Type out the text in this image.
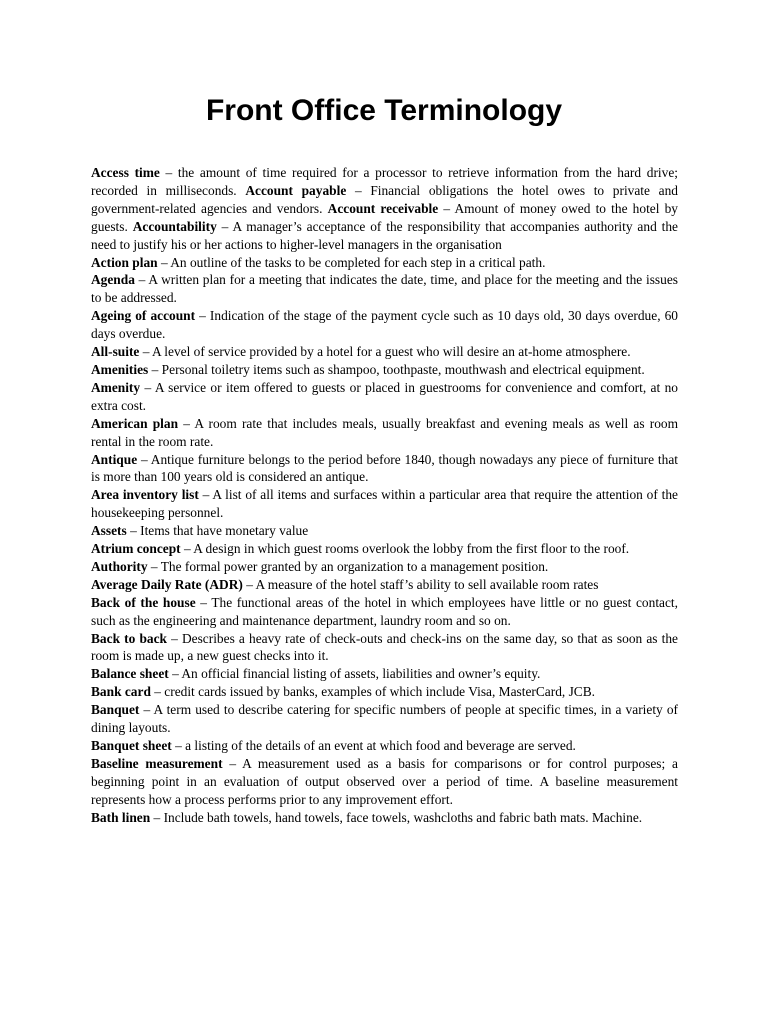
Front Office Terminology

Access time – the amount of time required for a processor to retrieve information from the hard drive; recorded in milliseconds. Account payable – Financial obligations the hotel owes to private and government-related agencies and vendors. Account receivable – Amount of money owed to the hotel by guests. Accountability – A manager’s acceptance of the responsibility that accompanies authority and the need to justify his or her actions to higher-level managers in the organisation

Action plan – An outline of the tasks to be completed for each step in a critical path.

Agenda – A written plan for a meeting that indicates the date, time, and place for the meeting and the issues to be addressed.

Ageing of account – Indication of the stage of the payment cycle such as 10 days old, 30 days overdue, 60 days overdue.

All-suite – A level of service provided by a hotel for a guest who will desire an at-home atmosphere.

Amenities – Personal toiletry items such as shampoo, toothpaste, mouthwash and electrical equipment.

Amenity – A service or item offered to guests or placed in guestrooms for convenience and comfort, at no extra cost.

American plan – A room rate that includes meals, usually breakfast and evening meals as well as room rental in the room rate.

Antique – Antique furniture belongs to the period before 1840, though nowadays any piece of furniture that is more than 100 years old is considered an antique.

Area inventory list – A list of all items and surfaces within a particular area that require the attention of the housekeeping personnel.

Assets – Items that have monetary value

Atrium concept – A design in which guest rooms overlook the lobby from the first floor to the roof.

Authority – The formal power granted by an organization to a management position.

Average Daily Rate (ADR) – A measure of the hotel staff’s ability to sell available room rates

Back of the house – The functional areas of the hotel in which employees have little or no guest contact, such as the engineering and maintenance department, laundry room and so on.

Back to back – Describes a heavy rate of check-outs and check-ins on the same day, so that as soon as the room is made up, a new guest checks into it.

Balance sheet – An official financial listing of assets, liabilities and owner’s equity.

Bank card – credit cards issued by banks, examples of which include Visa, MasterCard, JCB.

Banquet – A term used to describe catering for specific numbers of people at specific times, in a variety of dining layouts.

Banquet sheet – a listing of the details of an event at which food and beverage are served.

Baseline measurement – A measurement used as a basis for comparisons or for control purposes; a beginning point in an evaluation of output observed over a period of time. A baseline measurement represents how a process performs prior to any improvement effort.

Bath linen – Include bath towels, hand towels, face towels, washcloths and fabric bath mats. Machine.
